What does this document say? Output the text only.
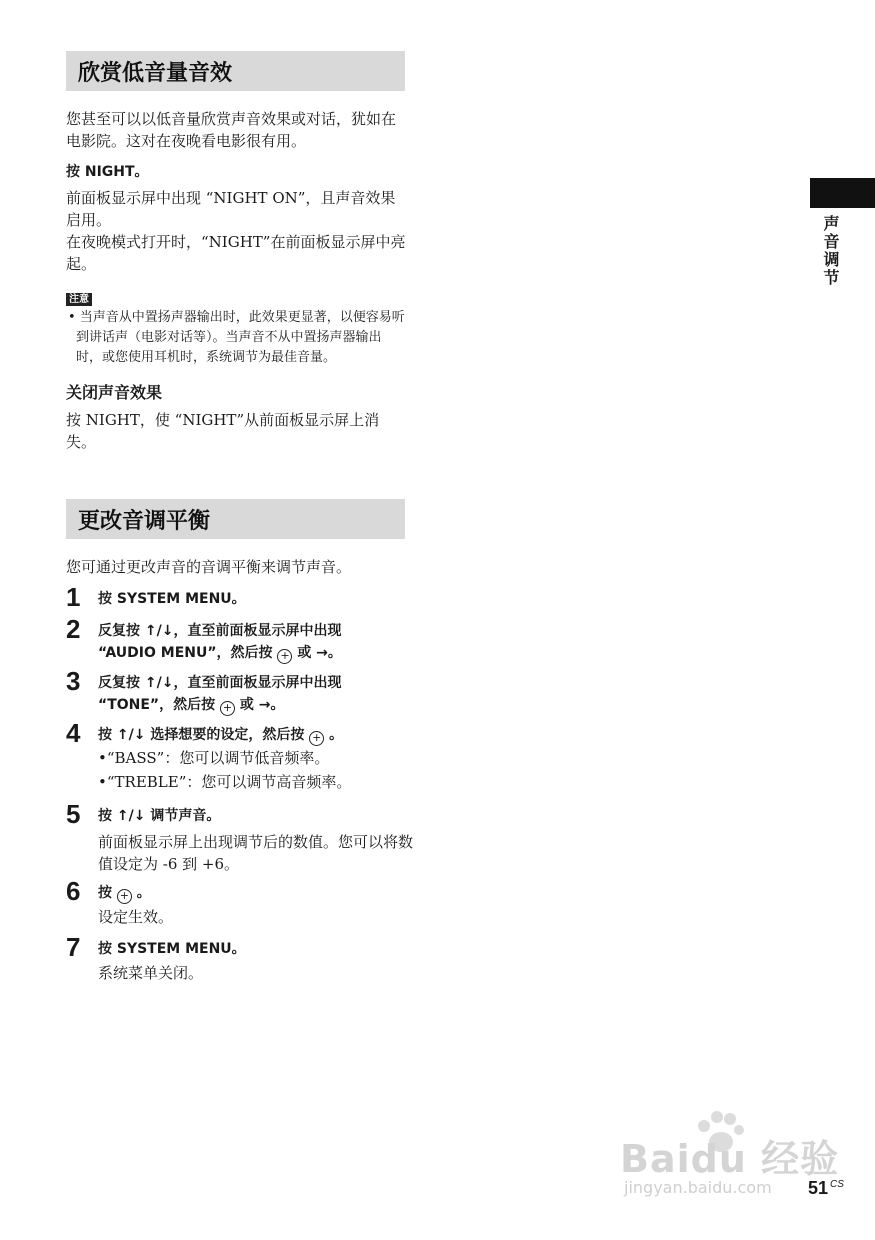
欣赏低音量音效

您甚至可以以低音量欣赏声音效果或对话，犹如在电影院。这对在夜晚看电影很有用。

按 NIGHT。

前面板显示屏中出现 “NIGHT ON”，且声音效果启用。

在夜晚模式打开时，“NIGHT”在前面板显示屏中亮起。

注意

• 当声音从中置扬声器输出时，此效果更显著，以便容易听到讲话声（电影对话等）。当声音不从中置扬声器输出时，或您使用耳机时，系统调节为最佳音量。

关闭声音效果

按 NIGHT，使 “NIGHT”从前面板显示屏上消失。

更改音调平衡

您可通过更改声音的音调平衡来调节声音。

1 按 SYSTEM MENU。

2 反复按 ↑/↓，直至前面板显示屏中出现

“AUDIO MENU”，然后按 + 或 →。

3 反复按 ↑/↓，直至前面板显示屏中出现

“TONE”，然后按 + 或 →。

4 按 ↑/↓ 选择想要的设定，然后按 + 。

•“BASS”：您可以调节低音频率。

•“TREBLE”：您可以调节高音频率。

5 按 ↑/↓ 调节声音。

前面板显示屏上出现调节后的数值。您可以将数值设定为 -6 到 +6。

6 按 + 。

设定生效。

7 按 SYSTEM MENU。

系统菜单关闭。

声音调节
Baidu 经验
jingyan.baidu.com 51 $^{CS}$
